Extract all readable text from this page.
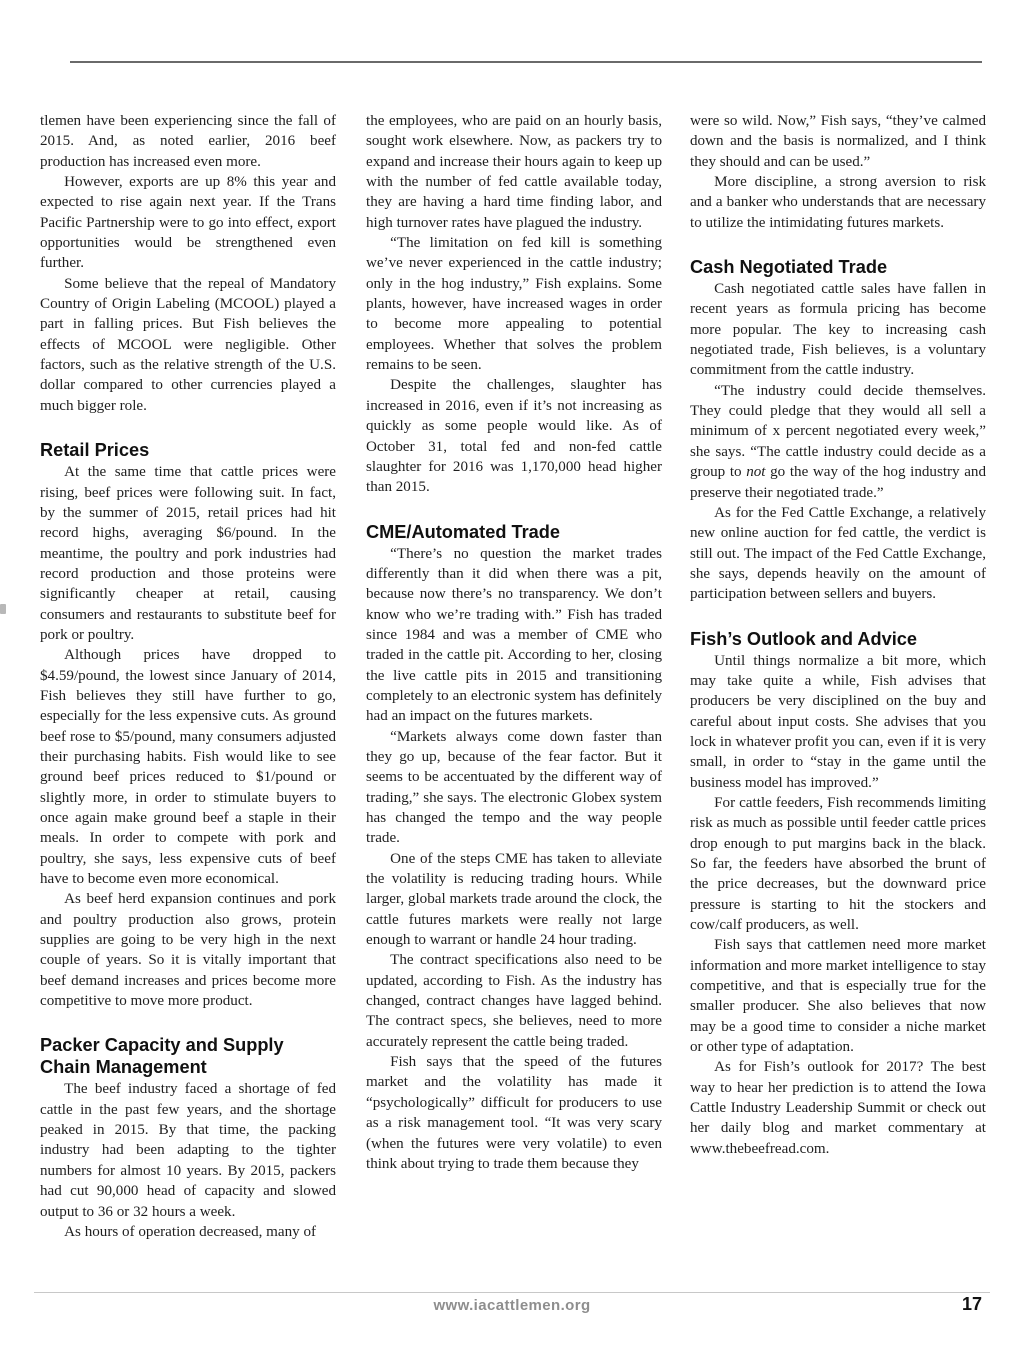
tlemen have been experiencing since the fall of 2015. And, as noted earlier, 2016 beef production has increased even more.

However, exports are up 8% this year and expected to rise again next year. If the Trans Pacific Partnership were to go into effect, export opportunities would be strengthened even further.

Some believe that the repeal of Mandatory Country of Origin Labeling (MCOOL) played a part in falling prices. But Fish believes the effects of MCOOL were negligible. Other factors, such as the relative strength of the U.S. dollar compared to other currencies played a much bigger role.

Retail Prices

At the same time that cattle prices were rising, beef prices were following suit. In fact, by the summer of 2015, retail prices had hit record highs, averaging $6/pound. In the meantime, the poultry and pork industries had record production and those proteins were significantly cheaper at retail, causing consumers and restaurants to substitute beef for pork or poultry.

Although prices have dropped to $4.59/pound, the lowest since January of 2014, Fish believes they still have further to go, especially for the less expensive cuts. As ground beef rose to $5/pound, many consumers adjusted their purchasing habits. Fish would like to see ground beef prices reduced to $1/pound or slightly more, in order to stimulate buyers to once again make ground beef a staple in their meals. In order to compete with pork and poultry, she says, less expensive cuts of beef have to become even more economical.

As beef herd expansion continues and pork and poultry production also grows, protein supplies are going to be very high in the next couple of years. So it is vitally important that beef demand increases and prices become more competitive to move more product.

Packer Capacity and Supply Chain Management

The beef industry faced a shortage of fed cattle in the past few years, and the shortage peaked in 2015. By that time, the packing industry had been adapting to the tighter numbers for almost 10 years. By 2015, packers had cut 90,000 head of capacity and slowed output to 36 or 32 hours a week.

As hours of operation decreased, many of

the employees, who are paid on an hourly basis, sought work elsewhere. Now, as packers try to expand and increase their hours again to keep up with the number of fed cattle available today, they are having a hard time finding labor, and high turnover rates have plagued the industry.

“The limitation on fed kill is something we’ve never experienced in the cattle industry; only in the hog industry,” Fish explains. Some plants, however, have increased wages in order to become more appealing to potential employees. Whether that solves the problem remains to be seen.

Despite the challenges, slaughter has increased in 2016, even if it’s not increasing as quickly as some people would like. As of October 31, total fed and non-fed cattle slaughter for 2016 was 1,170,000 head higher than 2015.

CME/Automated Trade

“There’s no question the market trades differently than it did when there was a pit, because now there’s no transparency. We don’t know who we’re trading with.” Fish has traded since 1984 and was a member of CME who traded in the cattle pit. According to her, closing the live cattle pits in 2015 and transitioning completely to an electronic system has definitely had an impact on the futures markets.

“Markets always come down faster than they go up, because of the fear factor. But it seems to be accentuated by the different way of trading,” she says. The electronic Globex system has changed the tempo and the way people trade.

One of the steps CME has taken to alleviate the volatility is reducing trading hours. While larger, global markets trade around the clock, the cattle futures markets were really not large enough to warrant or handle 24 hour trading.

The contract specifications also need to be updated, according to Fish. As the industry has changed, contract changes have lagged behind. The contract specs, she believes, need to more accurately represent the cattle being traded.

Fish says that the speed of the futures market and the volatility has made it “psychologically” difficult for producers to use as a risk management tool. “It was very scary (when the futures were very volatile) to even think about trying to trade them because they

were so wild. Now,” Fish says, “they’ve calmed down and the basis is normalized, and I think they should and can be used.”

More discipline, a strong aversion to risk and a banker who understands that are necessary to utilize the intimidating futures markets.

Cash Negotiated Trade

Cash negotiated cattle sales have fallen in recent years as formula pricing has become more popular. The key to increasing cash negotiated trade, Fish believes, is a voluntary commitment from the cattle industry.

“The industry could decide themselves. They could pledge that they would all sell a minimum of x percent negotiated every week,” she says. “The cattle industry could decide as a group to not go the way of the hog industry and preserve their negotiated trade.”

As for the Fed Cattle Exchange, a relatively new online auction for fed cattle, the verdict is still out. The impact of the Fed Cattle Exchange, she says, depends heavily on the amount of participation between sellers and buyers.

Fish’s Outlook and Advice

Until things normalize a bit more, which may take quite a while, Fish advises that producers be very disciplined on the buy and careful about input costs. She advises that you lock in whatever profit you can, even if it is very small, in order to “stay in the game until the business model has improved.”

For cattle feeders, Fish recommends limiting risk as much as possible until feeder cattle prices drop enough to put margins back in the black. So far, the feeders have absorbed the brunt of the price decreases, but the downward price pressure is starting to hit the stockers and cow/calf producers, as well.

Fish says that cattlemen need more market information and more market intelligence to stay competitive, and that is especially true for the smaller producer. She also believes that now may be a good time to consider a niche market or other type of adaptation.

As for Fish’s outlook for 2017? The best way to hear her prediction is to attend the Iowa Cattle Industry Leadership Summit or check out her daily blog and market commentary at www.thebeefread.com.

www.iacattlemen.org	17
